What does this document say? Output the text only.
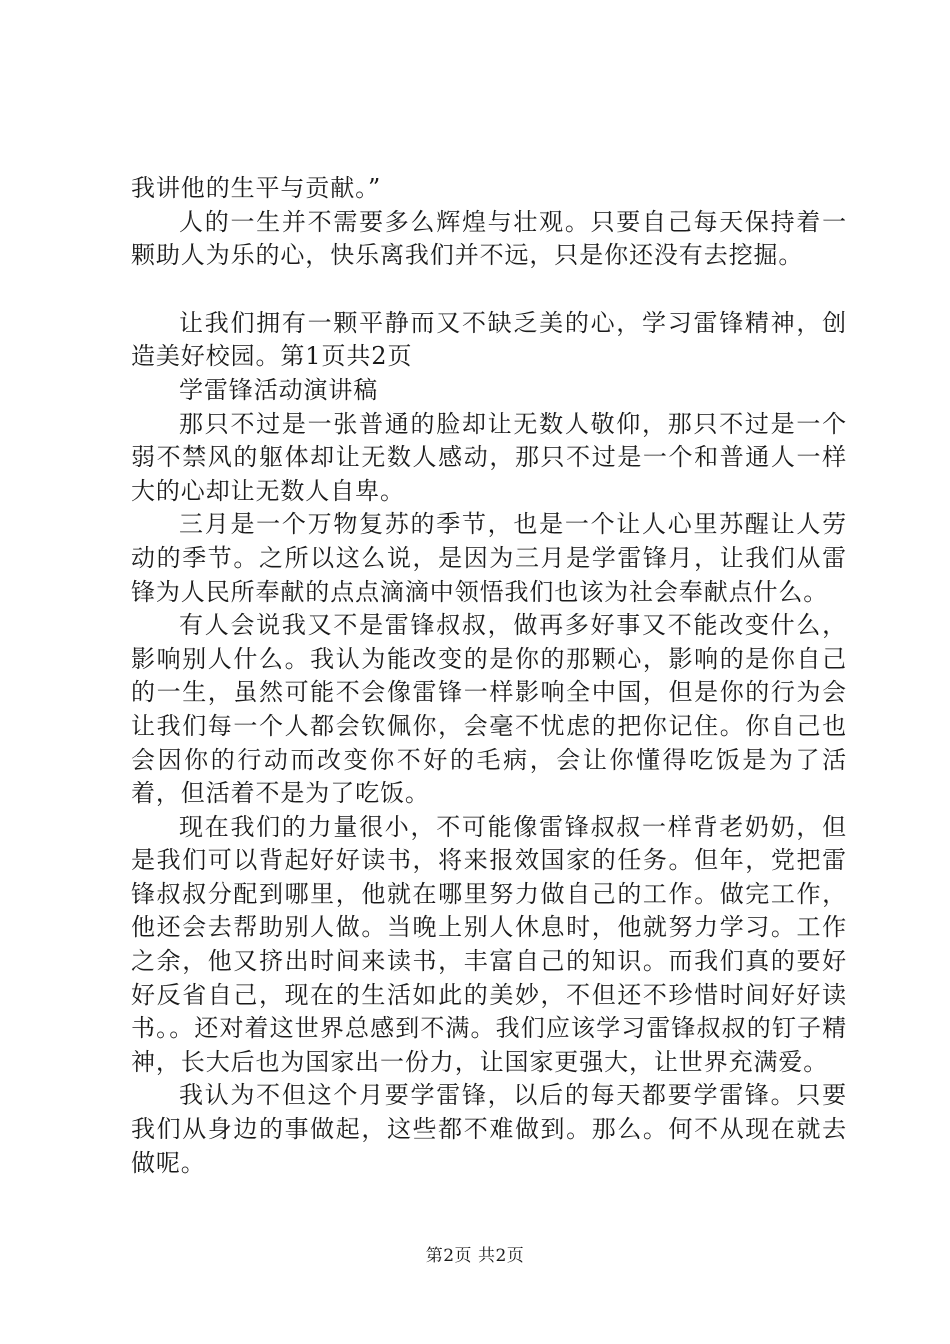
我讲他的生平与贡献。”

人的一生并不需要多么辉煌与壮观。只要自己每天保持着一颗助人为乐的心，快乐离我们并不远，只是你还没有去挖掘。

让我们拥有一颗平静而又不缺乏美的心，学习雷锋精神，创造美好校园。第1页共2页

学雷锋活动演讲稿

那只不过是一张普通的脸却让无数人敬仰，那只不过是一个弱不禁风的躯体却让无数人感动，那只不过是一个和普通人一样大的心却让无数人自卑。

三月是一个万物复苏的季节，也是一个让人心里苏醒让人劳动的季节。之所以这么说，是因为三月是学雷锋月，让我们从雷锋为人民所奉献的点点滴滴中领悟我们也该为社会奉献点什么。

有人会说我又不是雷锋叔叔，做再多好事又不能改变什么，影响别人什么。我认为能改变的是你的那颗心，影响的是你自己的一生，虽然可能不会像雷锋一样影响全中国，但是你的行为会让我们每一个人都会钦佩你，会毫不忧虑的把你记住。你自己也会因你的行动而改变你不好的毛病，会让你懂得吃饭是为了活着，但活着不是为了吃饭。

现在我们的力量很小，不可能像雷锋叔叔一样背老奶奶，但是我们可以背起好好读书，将来报效国家的任务。但年，党把雷锋叔叔分配到哪里，他就在哪里努力做自己的工作。做完工作，他还会去帮助别人做。当晚上别人休息时，他就努力学习。工作之余，他又挤出时间来读书，丰富自己的知识。而我们真的要好好反省自己，现在的生活如此的美妙，不但还不珍惜时间好好读书。。还对着这世界总感到不满。我们应该学习雷锋叔叔的钉子精神，长大后也为国家出一份力，让国家更强大，让世界充满爱。

我认为不但这个月要学雷锋，以后的每天都要学雷锋。只要我们从身边的事做起，这些都不难做到。那么。何不从现在就去做呢。

第2页 共2页
